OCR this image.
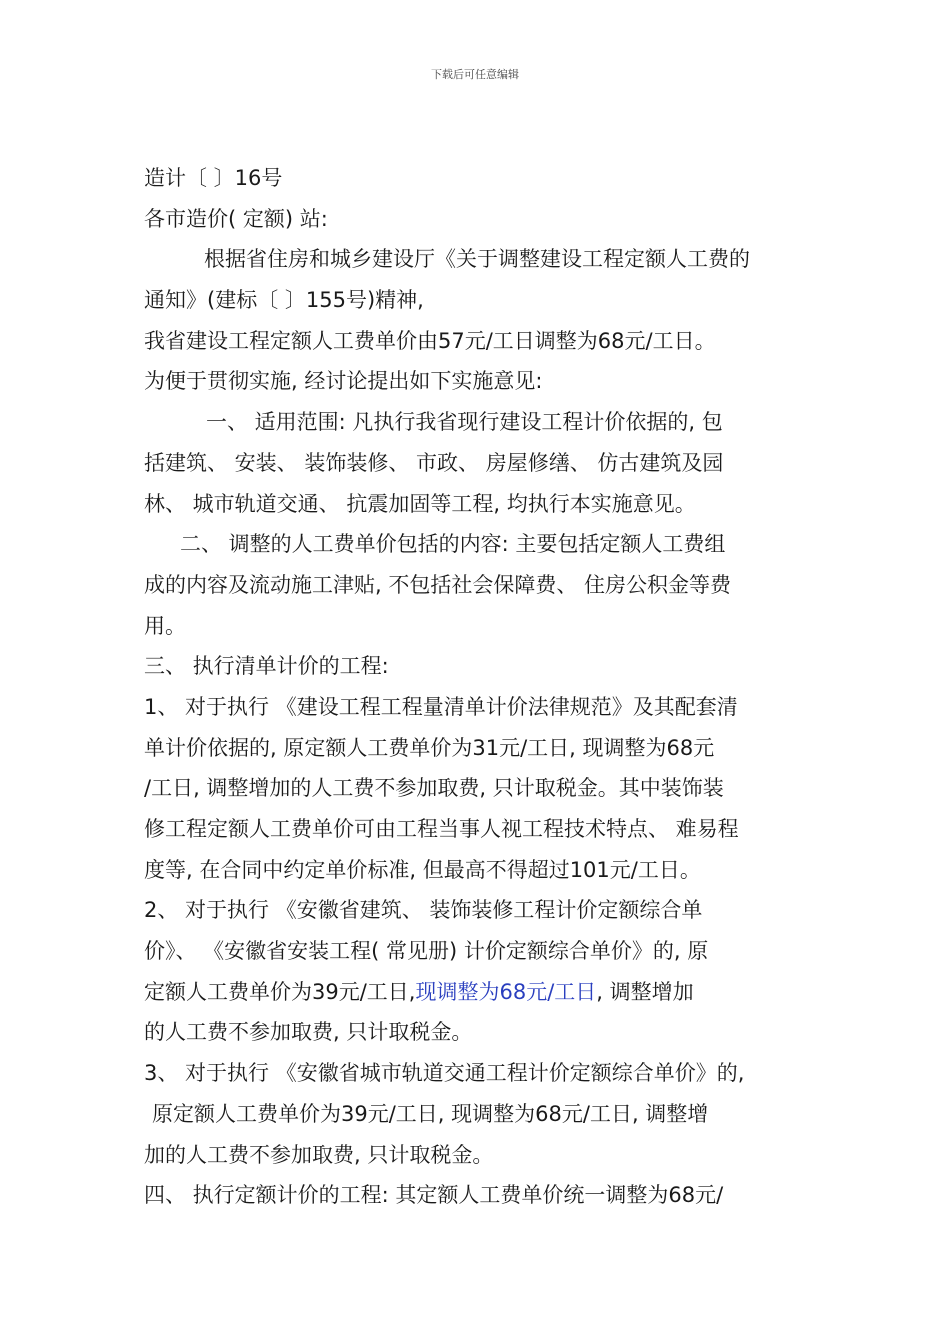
下载后可任意编辑
造计〔 〕16号
各市造价( 定额) 站:
根据省住房和城乡建设厅《关于调整建设工程定额人工费的
通知》(建标〔 〕155号)精神,
我省建设工程定额人工费单价由57元/工日调整为68元/工日。
为便于贯彻实施, 经讨论提出如下实施意见:
一、 适用范围: 凡执行我省现行建设工程计价依据的, 包
括建筑、 安装、 装饰装修、 市政、 房屋修缮、 仿古建筑及园
林、 城市轨道交通、 抗震加固等工程, 均执行本实施意见。
二、 调整的人工费单价包括的内容: 主要包括定额人工费组
成的内容及流动施工津贴, 不包括社会保障费、 住房公积金等费
用。
三、 执行清单计价的工程:
1、 对于执行 《建设工程工程量清单计价法律规范》及其配套清
单计价依据的, 原定额人工费单价为31元/工日, 现调整为68元
/工日, 调整增加的人工费不参加取费, 只计取税金。其中装饰装
修工程定额人工费单价可由工程当事人视工程技术特点、 难易程
度等, 在合同中约定单价标准, 但最高不得超过101元/工日。
2、 对于执行 《安徽省建筑、 装饰装修工程计价定额综合单
价》、 《安徽省安装工程( 常见册) 计价定额综合单价》的, 原
定额人工费单价为39元/工日,现调整为68元/工日, 调整增加
的人工费不参加取费, 只计取税金。
3、 对于执行 《安徽省城市轨道交通工程计价定额综合单价》的,
原定额人工费单价为39元/工日, 现调整为68元/工日, 调整增
加的人工费不参加取费, 只计取税金。
四、 执行定额计价的工程: 其定额人工费单价统一调整为68元/
